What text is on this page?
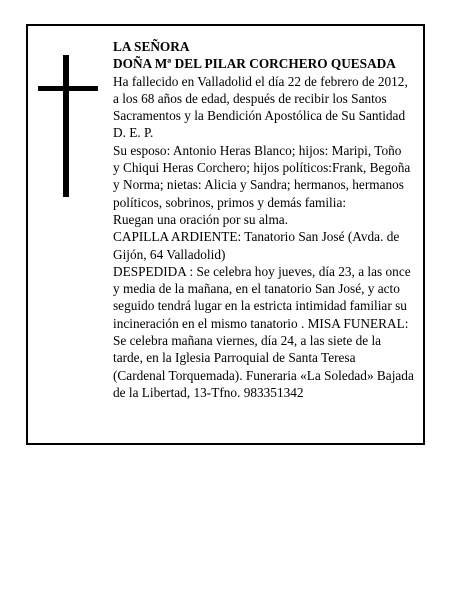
LA SEÑORA
DOÑA Mª DEL PILAR CORCHERO QUESADA
Ha fallecido en Valladolid el día 22 de febrero de 2012,
a los 68 años de edad, después de recibir los Santos
Sacramentos y la Bendición Apostólica de Su Santidad
D. E. P.
Su esposo: Antonio Heras Blanco; hijos: Maripi, Toño
y Chiqui Heras Corchero; hijos políticos:Frank, Begoña
y Norma; nietas: Alicia y Sandra; hermanos, hermanos
políticos, sobrinos, primos y demás familia:
Ruegan una oración por su alma.
CAPILLA ARDIENTE: Tanatorio San José (Avda. de
Gijón, 64 Valladolid)
DESPEDIDA : Se celebra hoy jueves, día 23, a las once
y media de la mañana, en el tanatorio San José, y acto
seguido tendrá lugar en la estricta intimidad familiar su
incineración en el mismo tanatorio . MISA FUNERAL:
Se celebra mañana viernes, día 24, a las siete de la
tarde, en la Iglesia Parroquial de Santa Teresa
(Cardenal Torquemada). Funeraria «La Soledad» Bajada
de la Libertad, 13-Tfno. 983351342
